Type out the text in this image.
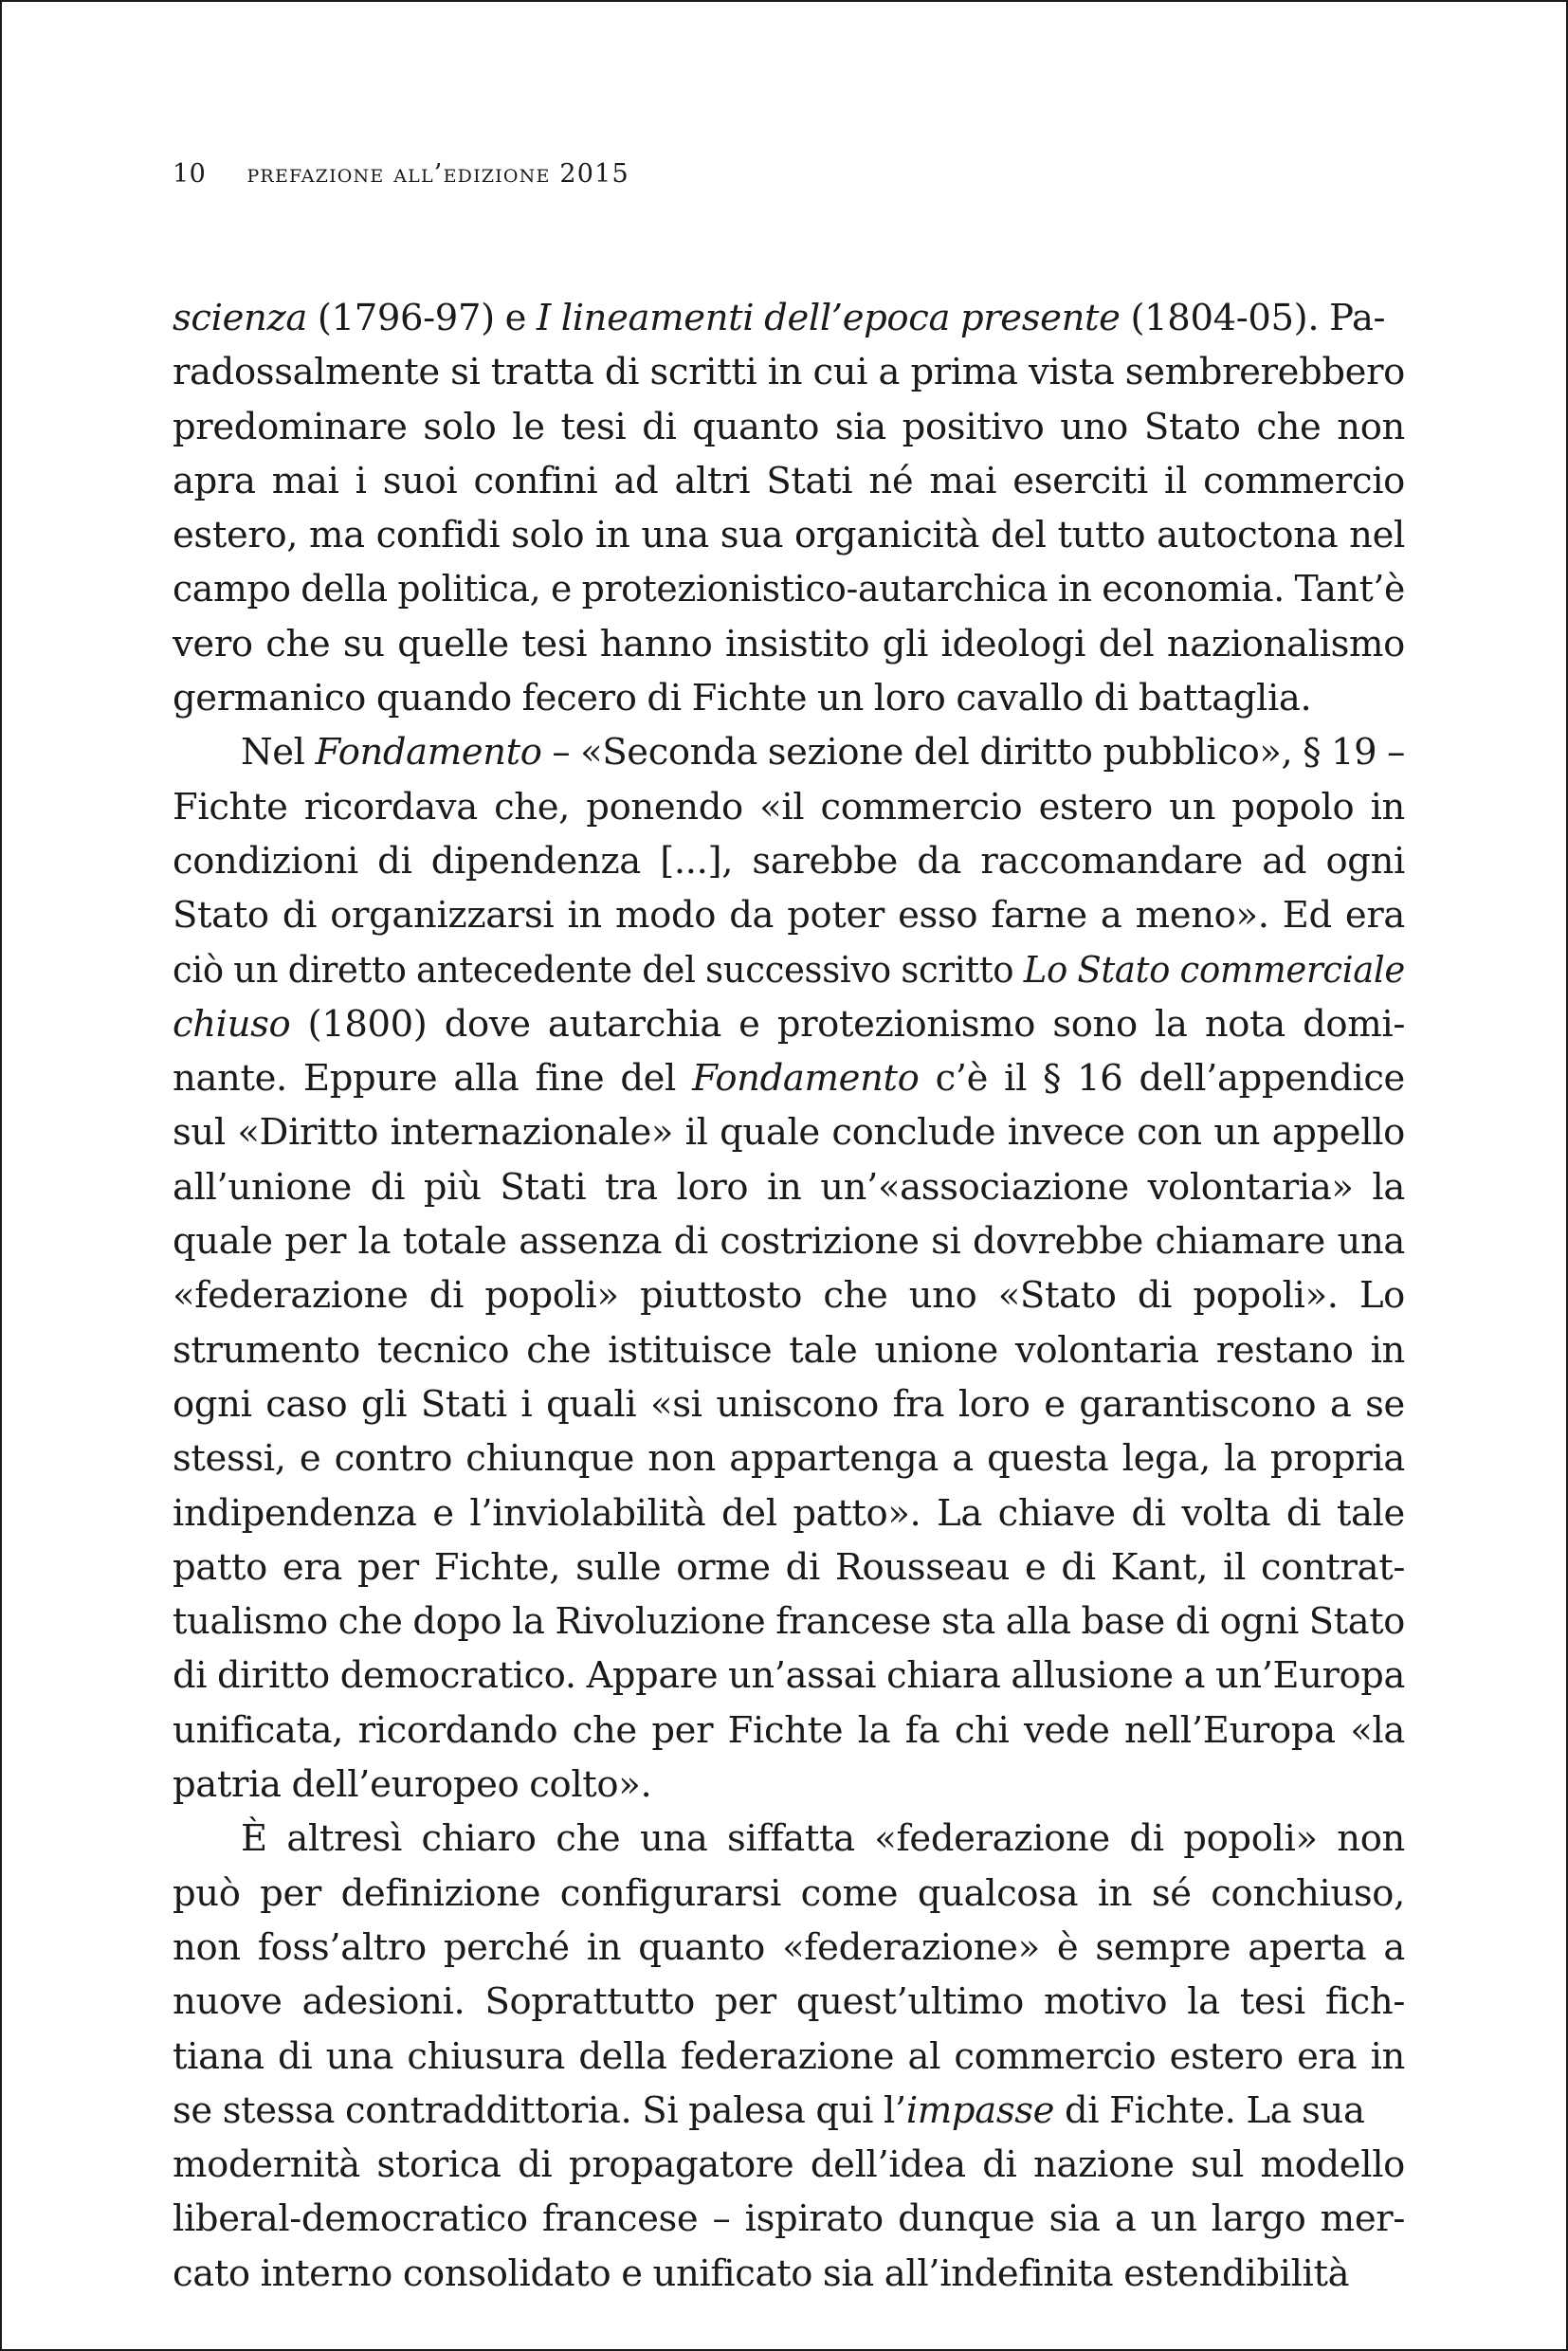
10 prefazione all’edizione 2015
scienza (1796-97) e I lineamenti dell’epoca presente (1804-05). Pa-
radossalmente si tratta di scritti in cui a prima vista sembrerebbero
predominare solo le tesi di quanto sia positivo uno Stato che non
apra mai i suoi confini ad altri Stati né mai eserciti il commercio
estero, ma confidi solo in una sua organicità del tutto autoctona nel
campo della politica, e protezionistico-autarchica in economia. Tant’è
vero che su quelle tesi hanno insistito gli ideologi del nazionalismo
germanico quando fecero di Fichte un loro cavallo di battaglia.
Nel Fondamento – «Seconda sezione del diritto pubblico», § 19 –
Fichte ricordava che, ponendo «il commercio estero un popolo in
condizioni di dipendenza [...], sarebbe da raccomandare ad ogni
Stato di organizzarsi in modo da poter esso farne a meno». Ed era
ciò un diretto antecedente del successivo scritto Lo Stato commerciale
chiuso (1800) dove autarchia e protezionismo sono la nota domi-
nante. Eppure alla fine del Fondamento c’è il § 16 dell’appendice
sul «Diritto internazionale» il quale conclude invece con un appello
all’unione di più Stati tra loro in un’«associazione volontaria» la
quale per la totale assenza di costrizione si dovrebbe chiamare una
«federazione di popoli» piuttosto che uno «Stato di popoli». Lo
strumento tecnico che istituisce tale unione volontaria restano in
ogni caso gli Stati i quali «si uniscono fra loro e garantiscono a se
stessi, e contro chiunque non appartenga a questa lega, la propria
indipendenza e l’inviolabilità del patto». La chiave di volta di tale
patto era per Fichte, sulle orme di Rousseau e di Kant, il contrat-
tualismo che dopo la Rivoluzione francese sta alla base di ogni Stato
di diritto democratico. Appare un’assai chiara allusione a un’Europa
unificata, ricordando che per Fichte la fa chi vede nell’Europa «la
patria dell’europeo colto».
È altresì chiaro che una siffatta «federazione di popoli» non
può per definizione configurarsi come qualcosa in sé conchiuso,
non foss’altro perché in quanto «federazione» è sempre aperta a
nuove adesioni. Soprattutto per quest’ultimo motivo la tesi fich-
tiana di una chiusura della federazione al commercio estero era in
se stessa contraddittoria. Si palesa qui l’impasse di Fichte. La sua
modernità storica di propagatore dell’idea di nazione sul modello
liberal-democratico francese – ispirato dunque sia a un largo mer-
cato interno consolidato e unificato sia all’indefinita estendibilità
